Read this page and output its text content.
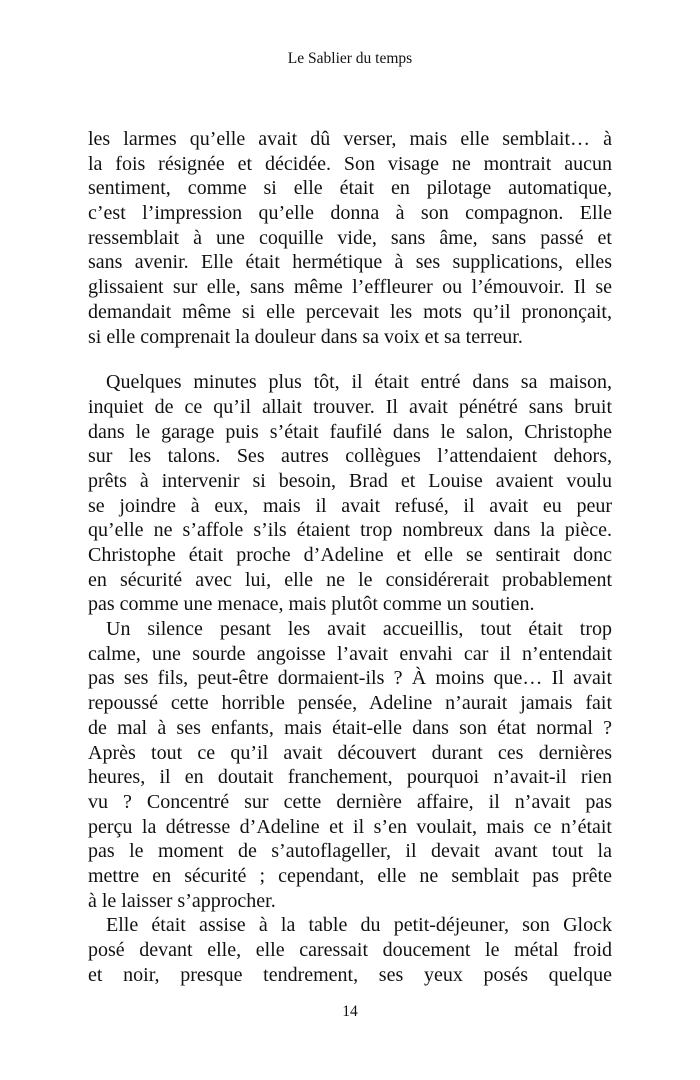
Le Sablier du temps
les larmes qu’elle avait dû verser, mais elle semblait… à
la fois résignée et décidée. Son visage ne montrait aucun
sentiment, comme si elle était en pilotage automatique,
c’est l’impression qu’elle donna à son compagnon. Elle
ressemblait à une coquille vide, sans âme, sans passé et
sans avenir. Elle était hermétique à ses supplications, elles
glissaient sur elle, sans même l’effleurer ou l’émouvoir. Il se
demandait même si elle percevait les mots qu’il prononçait,
si elle comprenait la douleur dans sa voix et sa terreur.
Quelques minutes plus tôt, il était entré dans sa maison,
inquiet de ce qu’il allait trouver. Il avait pénétré sans bruit
dans le garage puis s’était faufilé dans le salon, Christophe
sur les talons. Ses autres collègues l’attendaient dehors,
prêts à intervenir si besoin, Brad et Louise avaient voulu
se joindre à eux, mais il avait refusé, il avait eu peur
qu’elle ne s’affole s’ils étaient trop nombreux dans la pièce.
Christophe était proche d’Adeline et elle se sentirait donc
en sécurité avec lui, elle ne le considérerait probablement
pas comme une menace, mais plutôt comme un soutien.
Un silence pesant les avait accueillis, tout était trop
calme, une sourde angoisse l’avait envahi car il n’entendait
pas ses fils, peut-être dormaient-ils ? À moins que… Il avait
repoussé cette horrible pensée, Adeline n’aurait jamais fait
de mal à ses enfants, mais était-elle dans son état normal ?
Après tout ce qu’il avait découvert durant ces dernières
heures, il en doutait franchement, pourquoi n’avait-il rien
vu ? Concentré sur cette dernière affaire, il n’avait pas
perçu la détresse d’Adeline et il s’en voulait, mais ce n’était
pas le moment de s’autoflageller, il devait avant tout la
mettre en sécurité ; cependant, elle ne semblait pas prête
à le laisser s’approcher.
Elle était assise à la table du petit-déjeuner, son Glock
posé devant elle, elle caressait doucement le métal froid
et noir, presque tendrement, ses yeux posés quelque
14
